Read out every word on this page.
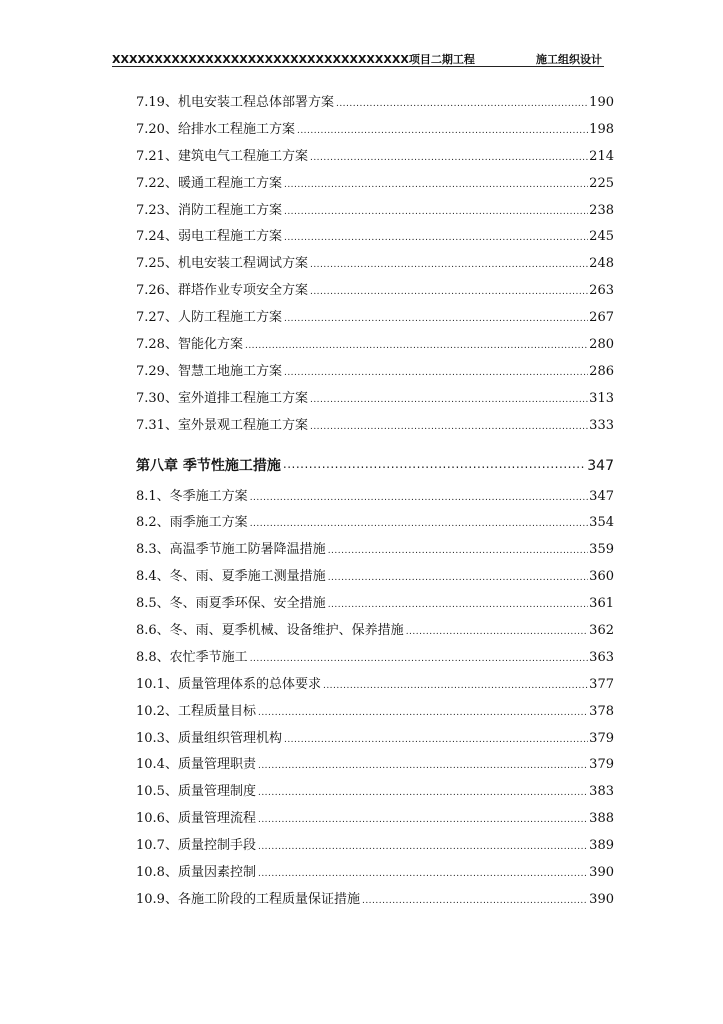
XXXXXXXXXXXXXXXXXXXXXXXXXXXXXXXXXXX项目二期工程	施工组织设计
7.19、机电安装工程总体部署方案 .....	190
7.20、给排水工程施工方案 .....	198
7.21、建筑电气工程施工方案 .....	214
7.22、暖通工程施工方案 .....	225
7.23、消防工程施工方案 .....	238
7.24、弱电工程施工方案 .....	245
7.25、机电安装工程调试方案 .....	248
7.26、群塔作业专项安全方案 .....	263
7.27、人防工程施工方案 .....	267
7.28、智能化方案 .....	280
7.29、智慧工地施工方案 .....	286
7.30、室外道排工程施工方案 .....	313
7.31、室外景观工程施工方案 .....	333
第八章 季节性施工措施 .....	347
8.1、冬季施工方案 .....	347
8.2、雨季施工方案 .....	354
8.3、高温季节施工防暑降温措施 .....	359
8.4、冬、雨、夏季施工测量措施 .....	360
8.5、冬、雨夏季环保、安全措施 .....	361
8.6、冬、雨、夏季机械、设备维护、保养措施 .....	362
8.8、农忙季节施工 .....	363
10.1、质量管理体系的总体要求 .....	377
10.2、工程质量目标 .....	378
10.3、质量组织管理机构 .....	379
10.4、质量管理职责 .....	379
10.5、质量管理制度 .....	383
10.6、质量管理流程 .....	388
10.7、质量控制手段 .....	389
10.8、质量因素控制 .....	390
10.9、各施工阶段的工程质量保证措施 .....	390
